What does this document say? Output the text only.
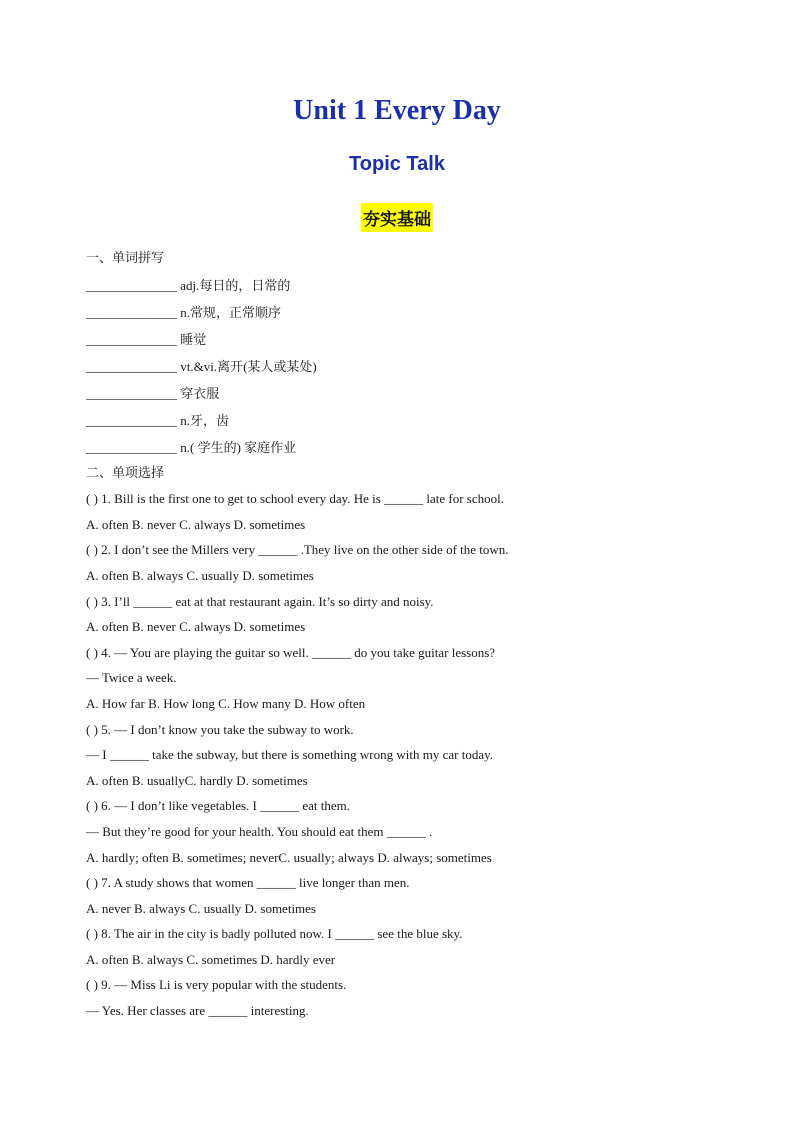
Unit 1 Every Day
Topic Talk
夯实基础
一、单词拼写
______________ adj.每日的，日常的
______________ n.常规，正常顺序
______________ 睡觉
______________ vt.&vi.离开(某人或某处)
______________ 穿衣服
______________ n.牙，齿
______________ n.( 学生的) 家庭作业
二、单项选择
( ) 1. Bill is the first one to get to school every day. He is ______ late for school.
A. often B. never C. always D. sometimes
( ) 2. I don’t see the Millers very ______ .They live on the other side of the town.
A. often B. always C. usually D. sometimes
( ) 3. I’ll ______ eat at that restaurant again. It’s so dirty and noisy.
A. often B. never C. always D. sometimes
( ) 4. — You are playing the guitar so well. ______ do you take guitar lessons?
— Twice a week.
A. How far B. How long C. How many D. How often
( ) 5. — I don’t know you take the subway to work.
— I ______ take the subway, but there is something wrong with my car today.
A. often B. usuallyC. hardly D. sometimes
( ) 6. — I don’t like vegetables. I ______ eat them.
— But they’re good for your health. You should eat them ______ .
A. hardly; often B. sometimes; neverC. usually; always D. always; sometimes
( ) 7. A study shows that women ______ live longer than men.
A. never B. always C. usually D. sometimes
( ) 8. The air in the city is badly polluted now. I ______ see the blue sky.
A. often B. always C. sometimes D. hardly ever
( ) 9. — Miss Li is very popular with the students.
— Yes. Her classes are ______ interesting.
